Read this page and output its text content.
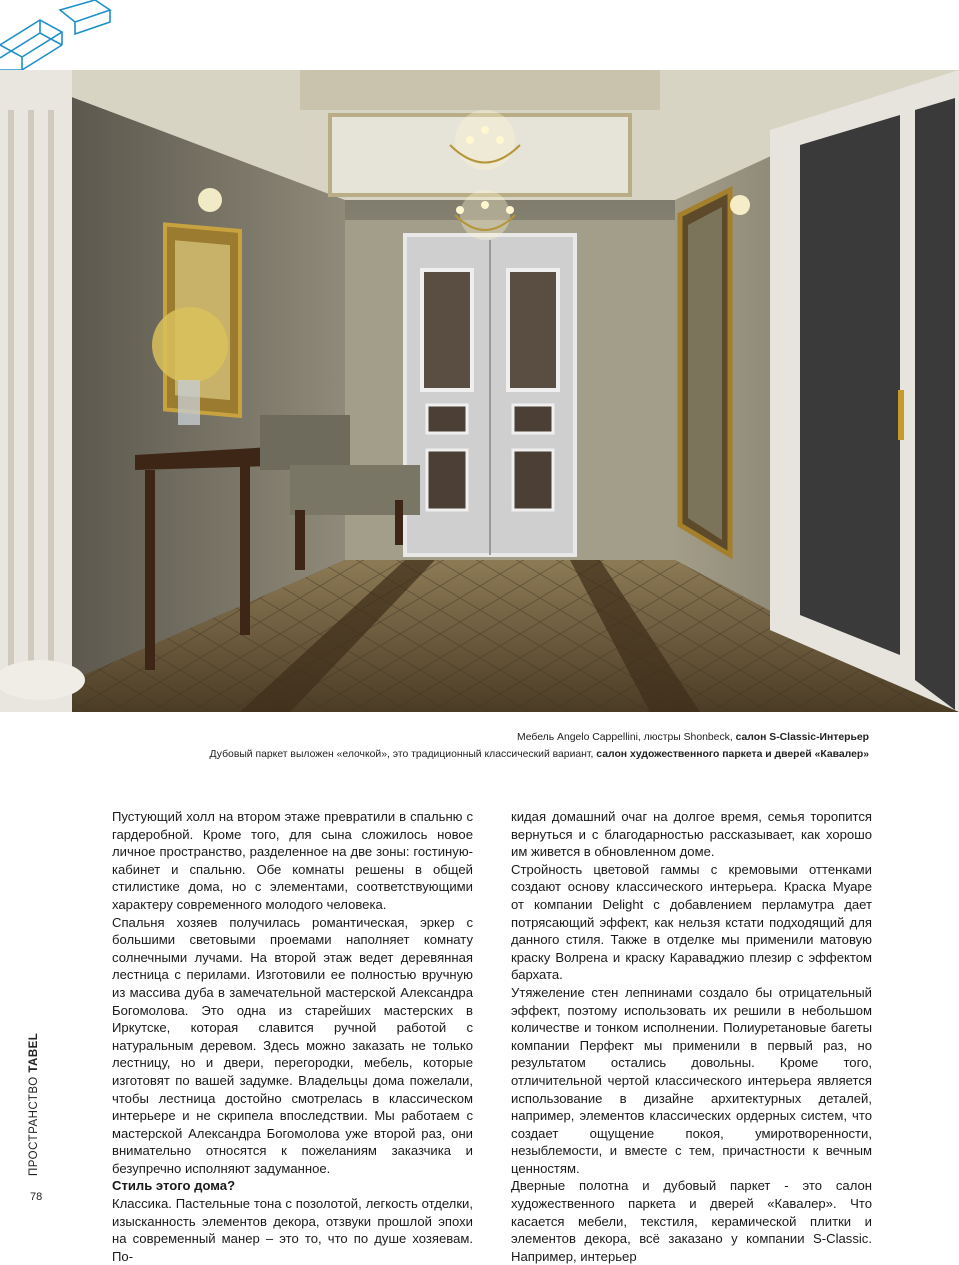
Мебель Angelo Cappellini, люстры Shonbeck, салон S-Classic-Интерьер
Дубовый паркет выложен «елочкой», это традиционный классический вариант, салон художественного паркета и дверей «Кавалер»

Пустующий холл на втором этаже превратили в спальню с гардеробной. Кроме того, для сына сложилось новое личное пространство, разделенное на две зоны: гостиную-кабинет и спальню. Обе комнаты решены в общей стилистике дома, но с элементами, соответствующими характеру современного молодого человека.

Спальня хозяев получилась романтическая, эркер с большими световыми проемами наполняет комнату солнечными лучами. На второй этаж ведет деревянная лестница с перилами. Изготовили ее полностью вручную из массива дуба в замечательной мастерской Александра Богомолова. Это одна из старейших мастерских в Иркутске, которая славится ручной работой с натуральным деревом. Здесь можно заказать не только лестницу, но и двери, перегородки, мебель, которые изготовят по вашей задумке. Владельцы дома пожелали, чтобы лестница достойно смотрелась в классическом интерьере и не скрипела впоследствии. Мы работаем с мастерской Александра Богомолова уже второй раз, они внимательно относятся к пожеланиям заказчика и безупречно исполняют задуманное.

Стиль этого дома?

Классика. Пастельные тона с позолотой, легкость отделки, изысканность элементов декора, отзвуки прошлой эпохи на современный манер – это то, что по душе хозяевам. По-

кидая домашний очаг на долгое время, семья торопится вернуться и с благодарностью рассказывает, как хорошо им живется в обновленном доме.

Стройность цветовой гаммы с кремовыми оттенками создают основу классического интерьера. Краска Муаре от компании Delight с добавлением перламутра дает потрясающий эффект, как нельзя кстати подходящий для данного стиля. Также в отделке мы применили матовую краску Волрена и краску Караваджио плезир с эффектом бархата.

Утяжеление стен лепнинами создало бы отрицательный эффект, поэтому использовать их решили в небольшом количестве и тонком исполнении. Полиуретановые багеты компании Перфект мы применили в первый раз, но результатом остались довольны. Кроме того, отличительной чертой классического интерьера является использование в дизайне архитектурных деталей, например, элементов классических ордерных систем, что создает ощущение покоя, умиротворенности, незыблемости, и вместе с тем, причастности к вечным ценностям.

Дверные полотна и дубовый паркет - это салон художественного паркета и дверей «Кавалер». Что касается мебели, текстиля, керамической плитки и элементов декора, всё заказано у компании S-Classic. Например, интерьер

ПРОСТРАНСТВО TABEL
78
